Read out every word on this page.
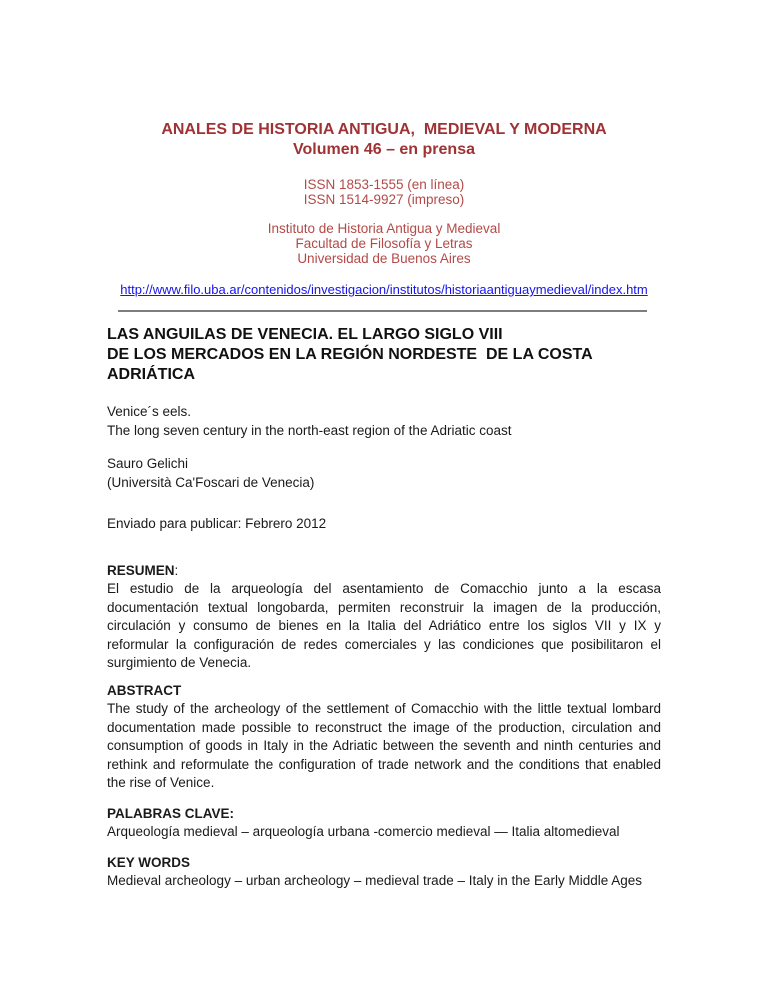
ANALES DE HISTORIA ANTIGUA,  MEDIEVAL Y MODERNA
Volumen 46 – en prensa
ISSN 1853-1555 (en línea)
ISSN 1514-9927 (impreso)
Instituto de Historia Antigua y Medieval
Facultad de Filosofía y Letras
Universidad de Buenos Aires
http://www.filo.uba.ar/contenidos/investigacion/institutos/historiaantiguaymedieval/index.htm
LAS ANGUILAS DE VENECIA. EL LARGO SIGLO VIII
DE LOS MERCADOS EN LA REGIÓN NORDESTE  DE LA COSTA ADRIÁTICA
Venice´s eels.
The long seven century in the north-east region of the Adriatic coast
Sauro Gelichi
(Università Ca'Foscari de Venecia)
Enviado para publicar: Febrero 2012
RESUMEN:
El estudio de la arqueología del asentamiento de Comacchio junto a la escasa documentación textual longobarda, permiten reconstruir la imagen de la producción, circulación y consumo de bienes en la Italia del Adriático entre los siglos VII y IX y reformular la configuración de redes comerciales y las condiciones que posibilitaron el surgimiento de Venecia.
ABSTRACT
The study of the archeology of the settlement of Comacchio with the little textual lombard documentation made possible to reconstruct the image of the production, circulation and consumption of goods in Italy in the Adriatic between the seventh and ninth centuries and rethink and reformulate the configuration of trade network and the conditions that enabled the rise of Venice.
PALABRAS CLAVE:
Arqueología medieval – arqueología urbana -comercio medieval — Italia altomedieval
KEY WORDS
Medieval archeology – urban archeology – medieval trade – Italy in the Early Middle Ages
